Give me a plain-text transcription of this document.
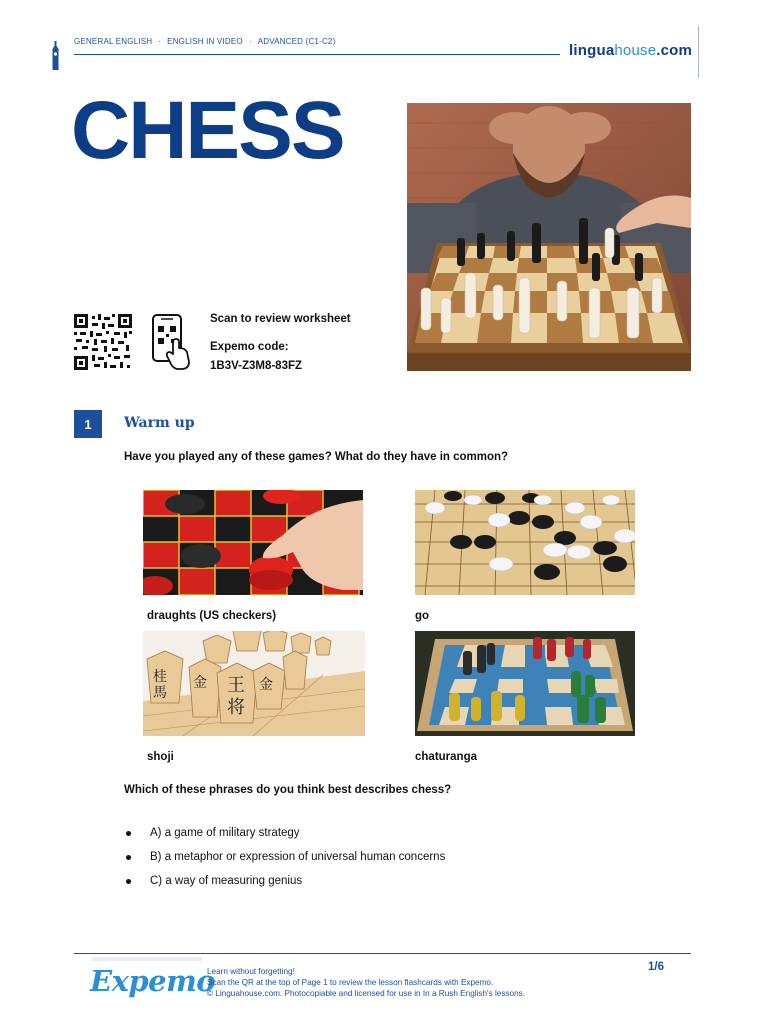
GENERAL ENGLISH · ENGLISH IN VIDEO · ADVANCED (C1-C2)
linguahouse.com
CHESS
Scan to review worksheet
Expemo code:
1B3V-Z3M8-83FZ
1	Warm up
Have you played any of these games? What do they have in common?
draughts (US checkers)	go
桂
馬	王
将
金	金
shoji	chaturanga
Which of these phrases do you think best describes chess?
A) a game of military strategy
B) a metaphor or expression of universal human concerns
C) a way of measuring genius
Expemo
Learn without forgetting!
Scan the QR at the top of Page 1 to review the lesson flashcards with Expemo.
© Linguahouse.com. Photocopiable and licensed for use in In a Rush English's lessons.
1/6
